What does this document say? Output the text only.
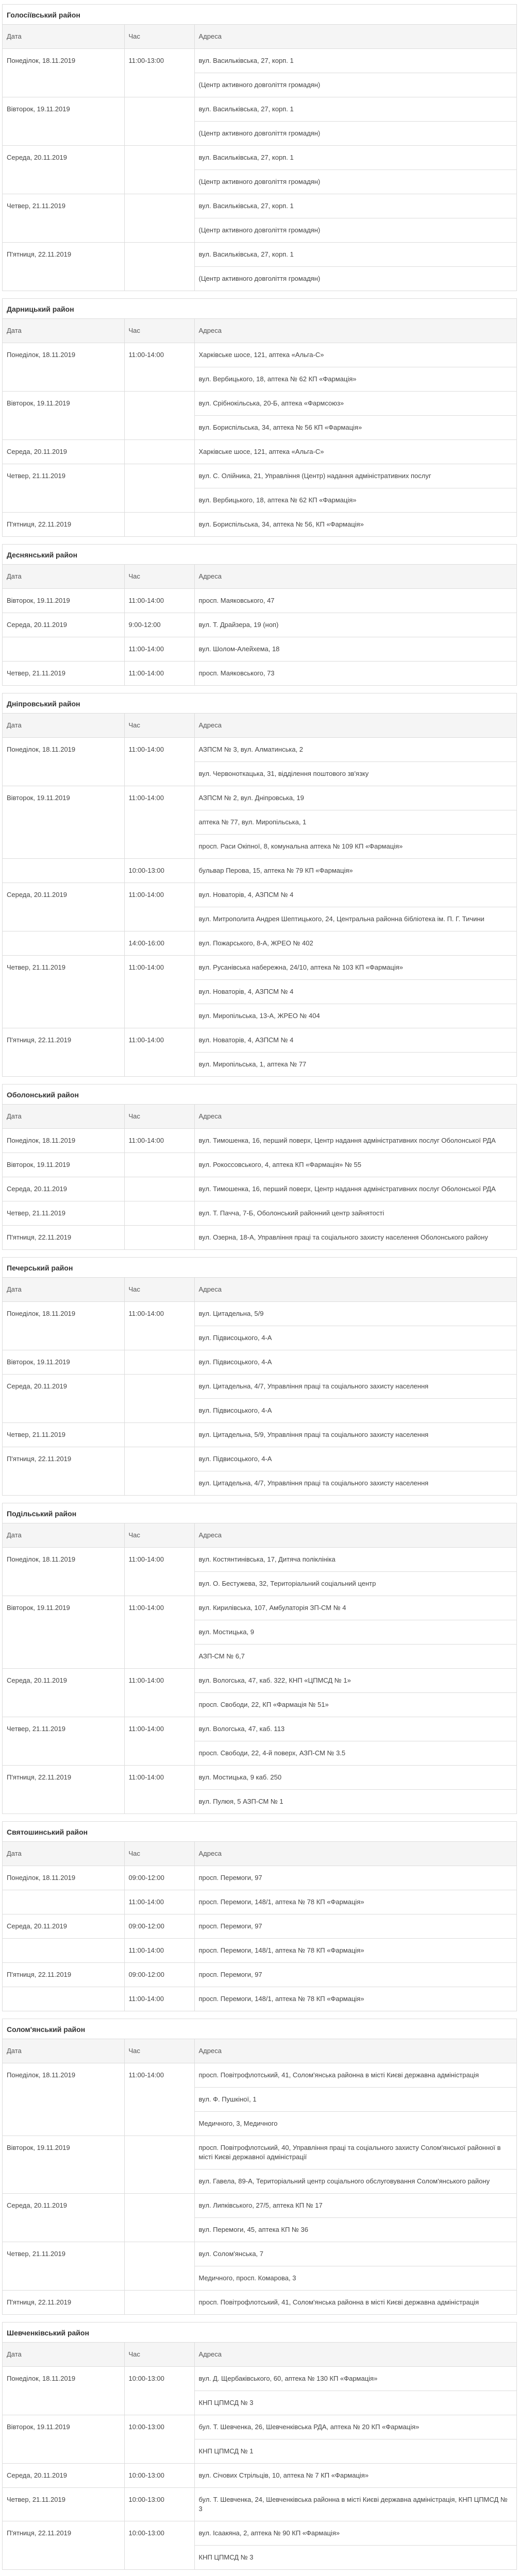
Голосіївський район
Дата	Час	Адреса
Понеділок, 18.11.2019	11:00-13:00	вул. Васильківська, 27, корп. 1
(Центр активного довголіття громадян)

Вівторок, 19.11.2019		вул. Васильківська, 27, корп. 1
(Центр активного довголіття громадян)

Середа, 20.11.2019		вул. Васильківська, 27, корп. 1
(Центр активного довголіття громадян)

Четвер, 21.11.2019		вул. Васильківська, 27, корп. 1
(Центр активного довголіття громадян)

П'ятниця, 22.11.2019		вул. Васильківська, 27, корп. 1
(Центр активного довголіття громадян)
Дарницький район
Дата	Час	Адреса
Понеділок, 18.11.2019	11:00-14:00	Харківське шосе, 121, аптека «Альга-С»
вул. Вербицького, 18, аптека № 62 КП «Фармація»

Вівторок, 19.11.2019		вул. Срібнокільська, 20-Б, аптека «Фармсоюз»
вул. Бориспільська, 34, аптека № 56 КП «Фармація»

Середа, 20.11.2019		Харківське шосе, 121, аптека «Альга-С»

Четвер, 21.11.2019		вул. С. Олійника, 21, Управління (Центр) надання адміністративних послуг
вул. Вербицького, 18, аптека № 62 КП «Фармація»

П'ятниця, 22.11.2019		вул. Бориспільська, 34, аптека № 56, КП «Фармація»
Деснянський район
Дата	Час	Адреса
Вівторок, 19.11.2019	11:00-14:00	просп. Маяковського, 47

Середа, 20.11.2019	9:00-12:00	вул. Т. Драйзера, 19 (ноп)

	11:00-14:00	вул. Шолом-Алейхема, 18

Четвер, 21.11.2019	11:00-14:00	просп. Маяковського, 73
Дніпровський район
Дата	Час	Адреса
Понеділок, 18.11.2019	11:00-14:00	АЗПСМ № 3, вул. Алматинська, 2
вул. Червоноткацька, 31, відділення поштового зв'язку

Вівторок, 19.11.2019	11:00-14:00	АЗПСМ № 2, вул. Дніпровська, 19
аптека № 77, вул. Миропільська, 1
просп. Раси Окіпної, 8, комунальна аптека № 109 КП «Фармація»

	10:00-13:00	бульвар Перова, 15, аптека № 79 КП «Фармація»

Середа, 20.11.2019	11:00-14:00	вул. Новаторів, 4, АЗПСМ № 4
вул. Митрополита Андрея Шептицького, 24, Центральна районна бібліотека ім. П. Г. Тичини

	14:00-16:00	вул. Пожарського, 8-А, ЖРЕО № 402

Четвер, 21.11.2019	11:00-14:00	вул. Русанівська набережна, 24/10, аптека № 103 КП «Фармація»
вул. Новаторів, 4, АЗПСМ № 4
вул. Миропільська, 13-А, ЖРЕО № 404

П'ятниця, 22.11.2019	11:00-14:00	вул. Новаторів, 4, АЗПСМ № 4
вул. Миропільська, 1, аптека № 77
Оболонський район
Дата	Час	Адреса
Понеділок, 18.11.2019	11:00-14:00	вул. Тимошенка, 16, перший поверх, Центр надання адміністративних послуг Оболонської РДА

Вівторок, 19.11.2019		вул. Рокоссовського, 4, аптека КП «Фармація» № 55

Середа, 20.11.2019		вул. Тимошенка, 16, перший поверх, Центр надання адміністративних послуг Оболонської РДА

Четвер, 21.11.2019		вул. Т. Пачча, 7-Б, Оболонський районний центр зайнятості

П'ятниця, 22.11.2019		вул. Озерна, 18-А, Управління праці та соціального захисту населення Оболонського району
Печерський район
Дата	Час	Адреса
Понеділок, 18.11.2019	11:00-14:00	вул. Цитадельна, 5/9
вул. Підвисоцького, 4-А

Вівторок, 19.11.2019		вул. Підвисоцького, 4-А

Середа, 20.11.2019		вул. Цитадельна, 4/7, Управління праці та соціального захисту населення
вул. Підвисоцького, 4-А

Четвер, 21.11.2019		вул. Цитадельна, 5/9, Управління праці та соціального захисту населення

П'ятниця, 22.11.2019		вул. Підвисоцького, 4-А
вул. Цитадельна, 4/7, Управління праці та соціального захисту населення
Подільський район
Дата	Час	Адреса
Понеділок, 18.11.2019	11:00-14:00	вул. Костянтинівська, 17, Дитяча поліклініка
вул. О. Бестужева, 32, Територіальний соціальний центр

Вівторок, 19.11.2019	11:00-14:00	вул. Кирилівська, 107, Амбулаторія ЗП-СМ № 4
вул. Мостицька, 9
АЗП-СМ № 6,7

Середа, 20.11.2019	11:00-14:00	вул. Вологська, 47, каб. 322, КНП «ЦПМСД № 1»
просп. Свободи, 22, КП «Фармація № 51»

Четвер, 21.11.2019	11:00-14:00	вул. Вологська, 47, каб. 113
просп. Свободи, 22, 4-й поверх, АЗП-СМ № 3.5

П'ятниця, 22.11.2019	11:00-14:00	вул. Мостицька, 9 каб. 250
вул. Пулюя, 5 АЗП-СМ № 1
Святошинський район
Дата	Час	Адреса
Понеділок, 18.11.2019	09:00-12:00	просп. Перемоги, 97

	11:00-14:00	просп. Перемоги, 148/1, аптека № 78 КП «Фармація»

Середа, 20.11.2019	09:00-12:00	просп. Перемоги, 97

	11:00-14:00	просп. Перемоги, 148/1, аптека № 78 КП «Фармація»

П'ятниця, 22.11.2019	09:00-12:00	просп. Перемоги, 97

	11:00-14:00	просп. Перемоги, 148/1, аптека № 78 КП «Фармація»
Солом'янський район
Дата	Час	Адреса
Понеділок, 18.11.2019	11:00-14:00	просп. Повітрофлотський, 41, Солом'янська районна в місті Києві державна адміністрація
вул. Ф. Пушкіної, 1
Медичного, 3, Медичного

Вівторок, 19.11.2019		просп. Повітрофлотський, 40, Управління праці та соціального захисту Солом'янської районної в місті Києві державної адміністрації
вул. Гавела, 89-А, Територіальний центр соціального обслуговування Солом'янського району

Середа, 20.11.2019		вул. Липківського, 27/5, аптека КП № 17
вул. Перемоги, 45, аптека КП № 36

Четвер, 21.11.2019		вул. Солом'янська, 7
Медичного, просп. Комарова, 3

П'ятниця, 22.11.2019		просп. Повітрофлотський, 41, Солом'янська районна в місті Києві державна адміністрація
Шевченківський район
Дата	Час	Адреса
Понеділок, 18.11.2019	10:00-13:00	вул. Д. Щербаківського, 60, аптека № 130 КП «Фармація»
КНП ЦПМСД № 3

Вівторок, 19.11.2019	10:00-13:00	бул. Т. Шевченка, 26, Шевченківська РДА, аптека № 20 КП «Фармація»
КНП ЦПМСД № 1

Середа, 20.11.2019	10:00-13:00	вул. Січових Стрільців, 10, аптека № 7 КП «Фармація»

Четвер, 21.11.2019	10:00-13:00	бул. Т. Шевченка, 24, Шевченківська районна в місті Києві державна адміністрація, КНП ЦПМСД № 3

П'ятниця, 22.11.2019	10:00-13:00	вул. Ісаакяна, 2, аптека № 90 КП «Фармація»
КНП ЦПМСД № 3
